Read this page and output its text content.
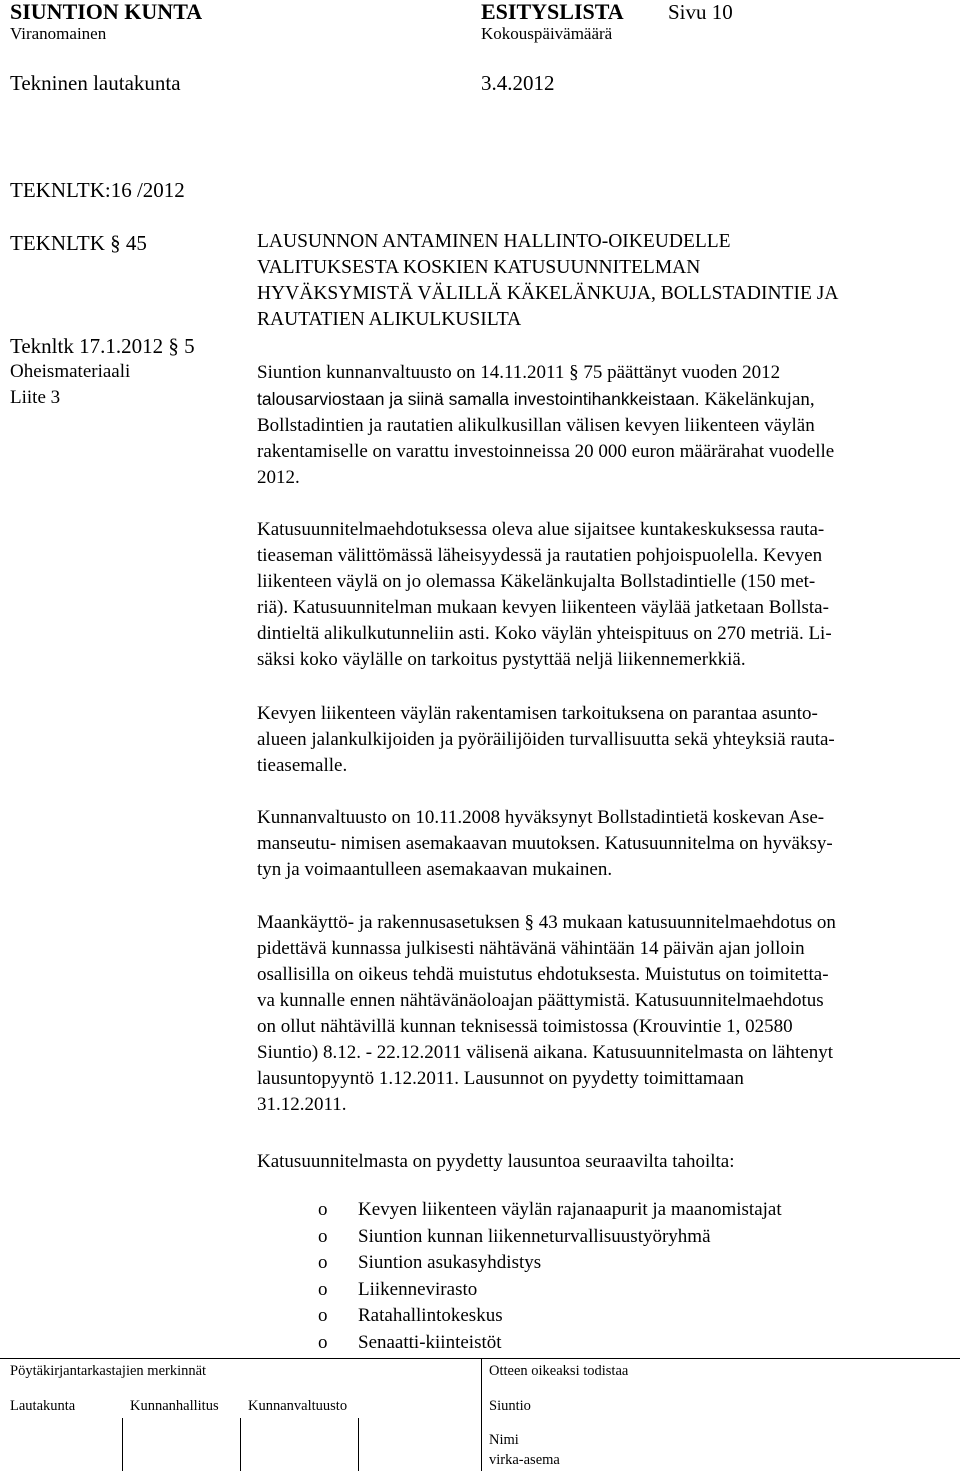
SIUNTION KUNTA
Viranomainen
ESITYSLISTA
Kokouspäivämäärä
Sivu 10
Tekninen lautakunta	3.4.2012
TEKNLTK:16 /2012
TEKNLTK § 45
Teknltk 17.1.2012 § 5
Oheismateriaali
Liite 3
LAUSUNNON ANTAMINEN HALLINTO-OIKEUDELLE
VALITUKSESTA KOSKIEN KATUSUUNNITELMAN
HYVÄKSYMISTÄ VÄLILLÄ KÄKELÄNKUJA, BOLLSTADINTIE JA
RAUTATIEN ALIKULKUSILTA
Siuntion kunnanvaltuusto on 14.11.2011 § 75 päättänyt vuoden 2012
talousarviostaan ja siinä samalla investointihankkeistaan. Käkelänkujan,
Bollstadintien ja rautatien alikulkusillan välisen kevyen liikenteen väylän
rakentamiselle on varattu investoinneissa 20 000 euron määrärahat vuodelle
2012.
Katusuunnitelmaehdotuksessa oleva alue sijaitsee kuntakeskuksessa rauta-
tieaseman välittömässä läheisyydessä ja rautatien pohjoispuolella. Kevyen
liikenteen väylä on jo olemassa Käkelänkujalta Bollstadintielle (150 met-
riä). Katusuunnitelman mukaan kevyen liikenteen väylää jatketaan Bollsta-
dintieltä alikulkutunneliin asti. Koko väylän yhteispituus on 270 metriä. Li-
säksi koko väylälle on tarkoitus pystyttää neljä liikennemerkkiä.
Kevyen liikenteen väylän rakentamisen tarkoituksena on parantaa asunto-
alueen jalankulkijoiden ja pyöräilijöiden turvallisuutta sekä yhteyksiä rauta-
tieasemalle.
Kunnanvaltuusto on 10.11.2008 hyväksynyt Bollstadintietä koskevan Ase-
manseutu- nimisen asemakaavan muutoksen. Katusuunnitelma on hyväksy-
tyn ja voimaantulleen asemakaavan mukainen.
Maankäyttö- ja rakennusasetuksen § 43 mukaan katusuunnitelmaehdotus on
pidettävä kunnassa julkisesti nähtävänä vähintään 14 päivän ajan jolloin
osallisilla on oikeus tehdä muistutus ehdotuksesta. Muistutus on toimitetta-
va kunnalle ennen nähtävänäoloajan päättymistä. Katusuunnitelmaehdotus
on ollut nähtävillä kunnan teknisessä toimistossa (Krouvintie 1, 02580
Siuntio) 8.12. - 22.12.2011 välisenä aikana. Katusuunnitelmasta on lähtenyt
lausuntopyyntö 1.12.2011. Lausunnot on pyydetty toimittamaan
31.12.2011.
Katusuunnitelmasta on pyydetty lausuntoa seuraavilta tahoilta:
o Kevyen liikenteen väylän rajanaapurit ja maanomistajat
o Siuntion kunnan liikenneturvallisuustyöryhmä
o Siuntion asukasyhdistys
o Liikennevirasto
o Ratahallintokeskus
o Senaatti-kiinteistöt
Pöytäkirjantarkastajien merkinnät	Otteen oikeaksi todistaa
Lautakunta	Kunnanhallitus Kunnanvaltuusto	Siuntio
Nimi
virka-asema
